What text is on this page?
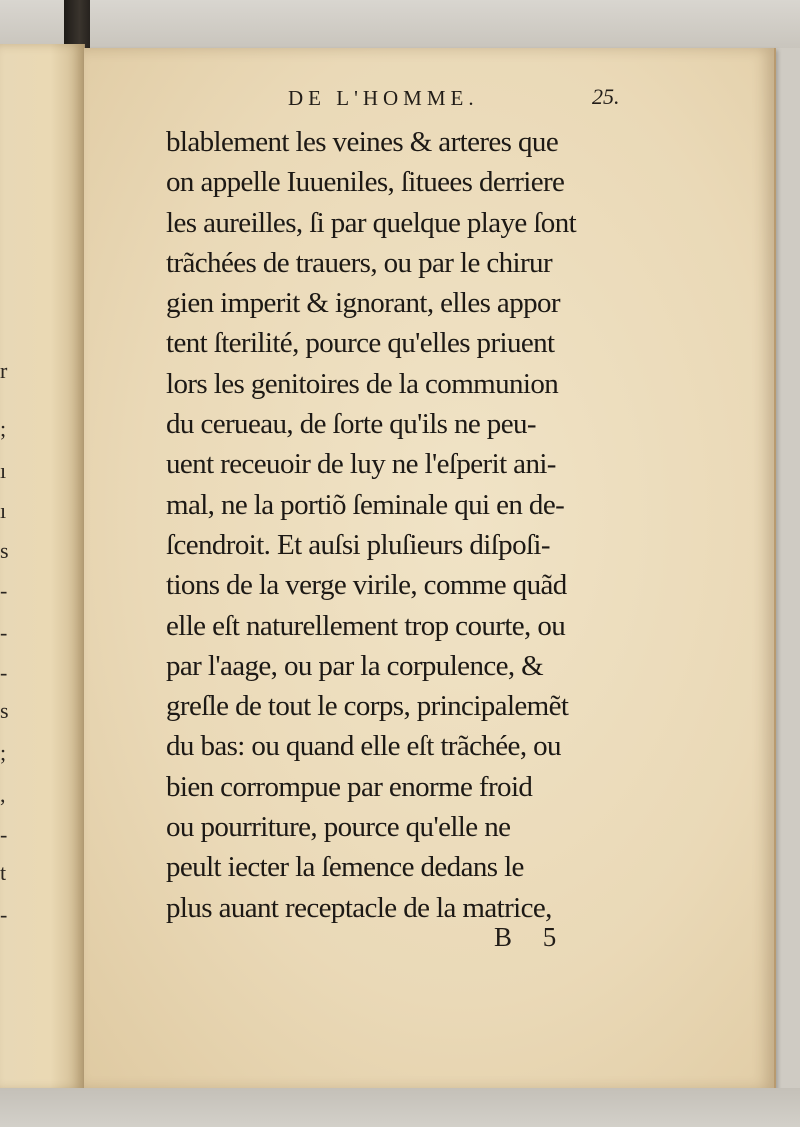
r
;
ı
ı
s
-
-
-
s
;
,
-
t
-
DE L'HOMME.	25.
blablement les veines & arteres que
on appelle Iuueniles, ſituees derriere
les aureilles, ſi par quelque playe ſont
trãchées de trauers, ou par le chirur
gien imperit & ignorant, elles appor
tent ſterilité, pource qu'elles priuent
lors les genitoires de la communion
du cerueau, de ſorte qu'ils ne peu-
uent receuoir de luy ne l'eſperit ani-
mal, ne la portiõ ſeminale qui en de-
ſcendroit. Et auſsi pluſieurs diſpoſi-
tions de la verge virile, comme quãd
elle eſt naturellement trop courte, ou
par l'aage, ou par la corpulence, &
greſle de tout le corps, principalemẽt
du bas: ou quand elle eſt trãchée, ou
bien corrompue par enorme froid
ou pourriture, pource qu'elle ne
peult iecter la ſemence dedans le
plus auant receptacle de la matrice,
B 5
